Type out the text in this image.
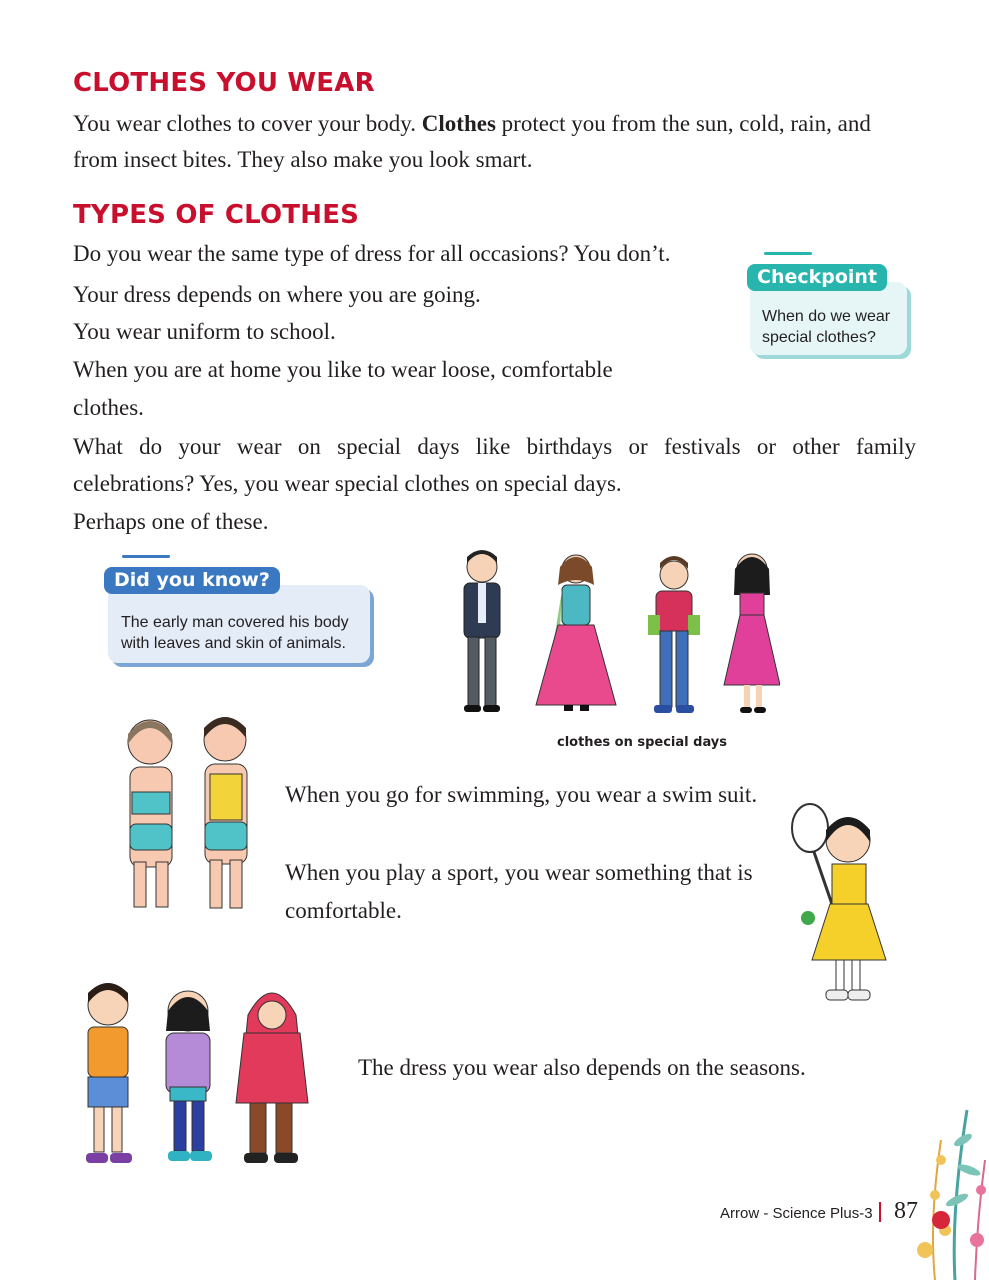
CLOTHES YOU WEAR
You wear clothes to cover your body. Clothes protect you from the sun, cold, rain, and
from insect bites. They also make you look smart.
TYPES OF CLOTHES
Do you wear the same type of dress for all occasions? You don’t.
Your dress depends on where you are going.
You wear uniform to school.
When you are at home you like to wear loose, comfortable
clothes.
What do your wear on special days like birthdays or festivals or other family
celebrations? Yes, you wear special clothes on special days.
Perhaps one of these.
Checkpoint
When do we wear
special clothes?
Did you know?
The early man covered his body
with leaves and skin of animals.
clothes on special days
When you go for swimming, you wear a swim suit.
When you play a sport, you wear something that is
comfortable.
The dress you wear also depends on the seasons.
Arrow - Science Plus-3 87
